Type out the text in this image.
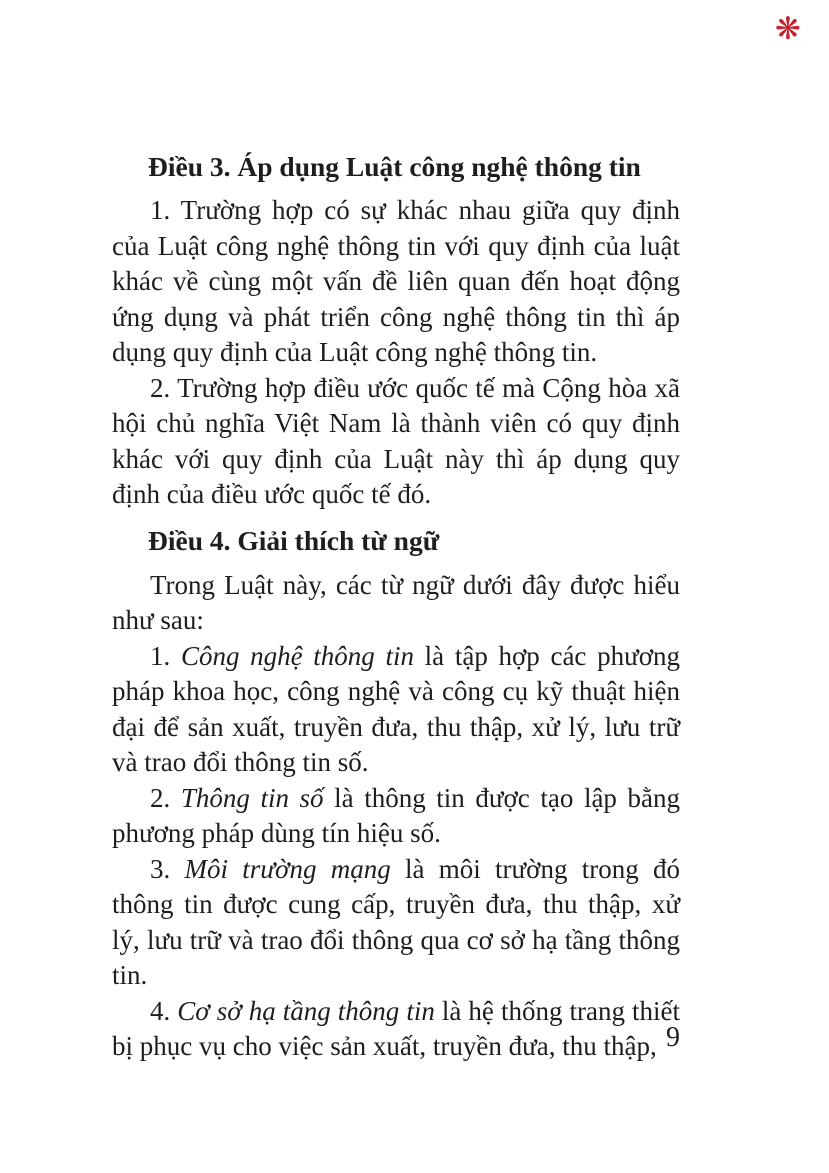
❋
Điều 3. Áp dụng Luật công nghệ thông tin

1. Trường hợp có sự khác nhau giữa quy định của Luật công nghệ thông tin với quy định của luật khác về cùng một vấn đề liên quan đến hoạt động ứng dụng và phát triển công nghệ thông tin thì áp dụng quy định của Luật công nghệ thông tin.

2. Trường hợp điều ước quốc tế mà Cộng hòa xã hội chủ nghĩa Việt Nam là thành viên có quy định khác với quy định của Luật này thì áp dụng quy định của điều ước quốc tế đó.

Điều 4. Giải thích từ ngữ

Trong Luật này, các từ ngữ dưới đây được hiểu như sau:

1. Công nghệ thông tin là tập hợp các phương pháp khoa học, công nghệ và công cụ kỹ thuật hiện đại để sản xuất, truyền đưa, thu thập, xử lý, lưu trữ và trao đổi thông tin số.

2. Thông tin số là thông tin được tạo lập bằng phương pháp dùng tín hiệu số.

3. Môi trường mạng là môi trường trong đó thông tin được cung cấp, truyền đưa, thu thập, xử lý, lưu trữ và trao đổi thông qua cơ sở hạ tầng thông tin.

4. Cơ sở hạ tầng thông tin là hệ thống trang thiết bị phục vụ cho việc sản xuất, truyền đưa, thu thập, 9
